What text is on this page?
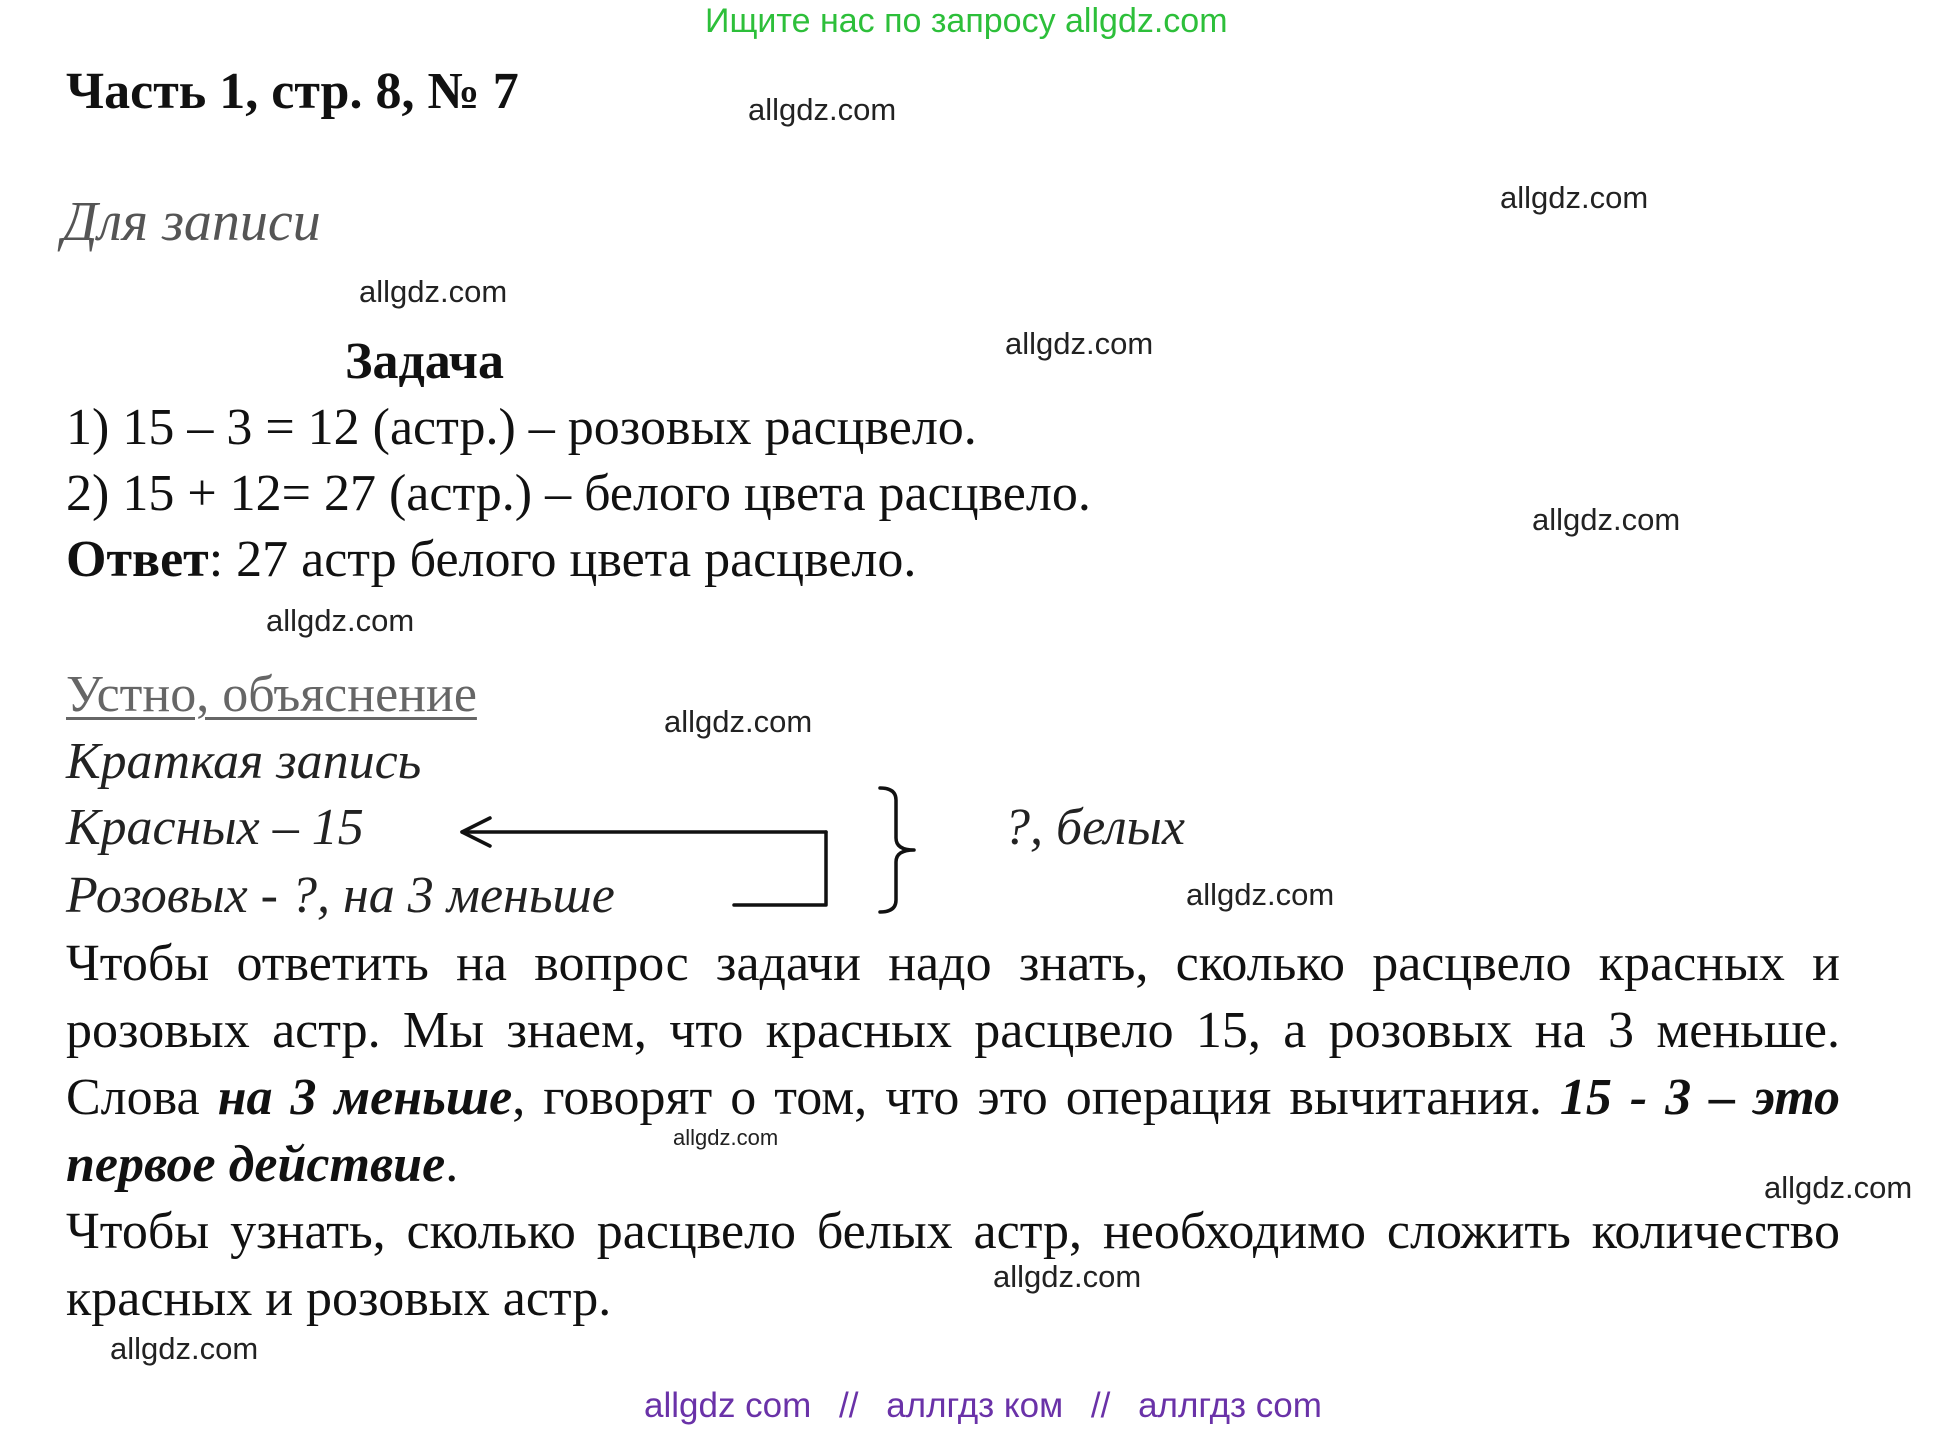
Ищите нас по запросу allgdz.com
Часть 1, стр. 8, № 7
Для записи
Задача
1) 15 – 3 = 12 (астр.) – розовых расцвело.
2) 15 + 12= 27 (астр.) – белого цвета расцвело.
Ответ: 27 астр белого цвета расцвело.
Устно, объяснение
Краткая запись
Красных – 15
Розовых - ?, на 3 меньше
?, белых
Чтобы ответить на вопрос задачи надо знать, сколько расцвело красных и розовых астр. Мы знаем, что красных расцвело 15, а розовых на 3 меньше. Слова на 3 меньше, говорят о том, что это операция вычитания. 15 - 3 – это первое действие.
Чтобы узнать, сколько расцвело белых астр, необходимо сложить количество красных и розовых астр.
allgdz.com
allgdz.com
allgdz.com
allgdz.com
allgdz.com
allgdz.com
allgdz.com
allgdz.com
allgdz.com
allgdz.com
allgdz.com
allgdz.com
allgdz com // аллгдз ком // аллгдз com
